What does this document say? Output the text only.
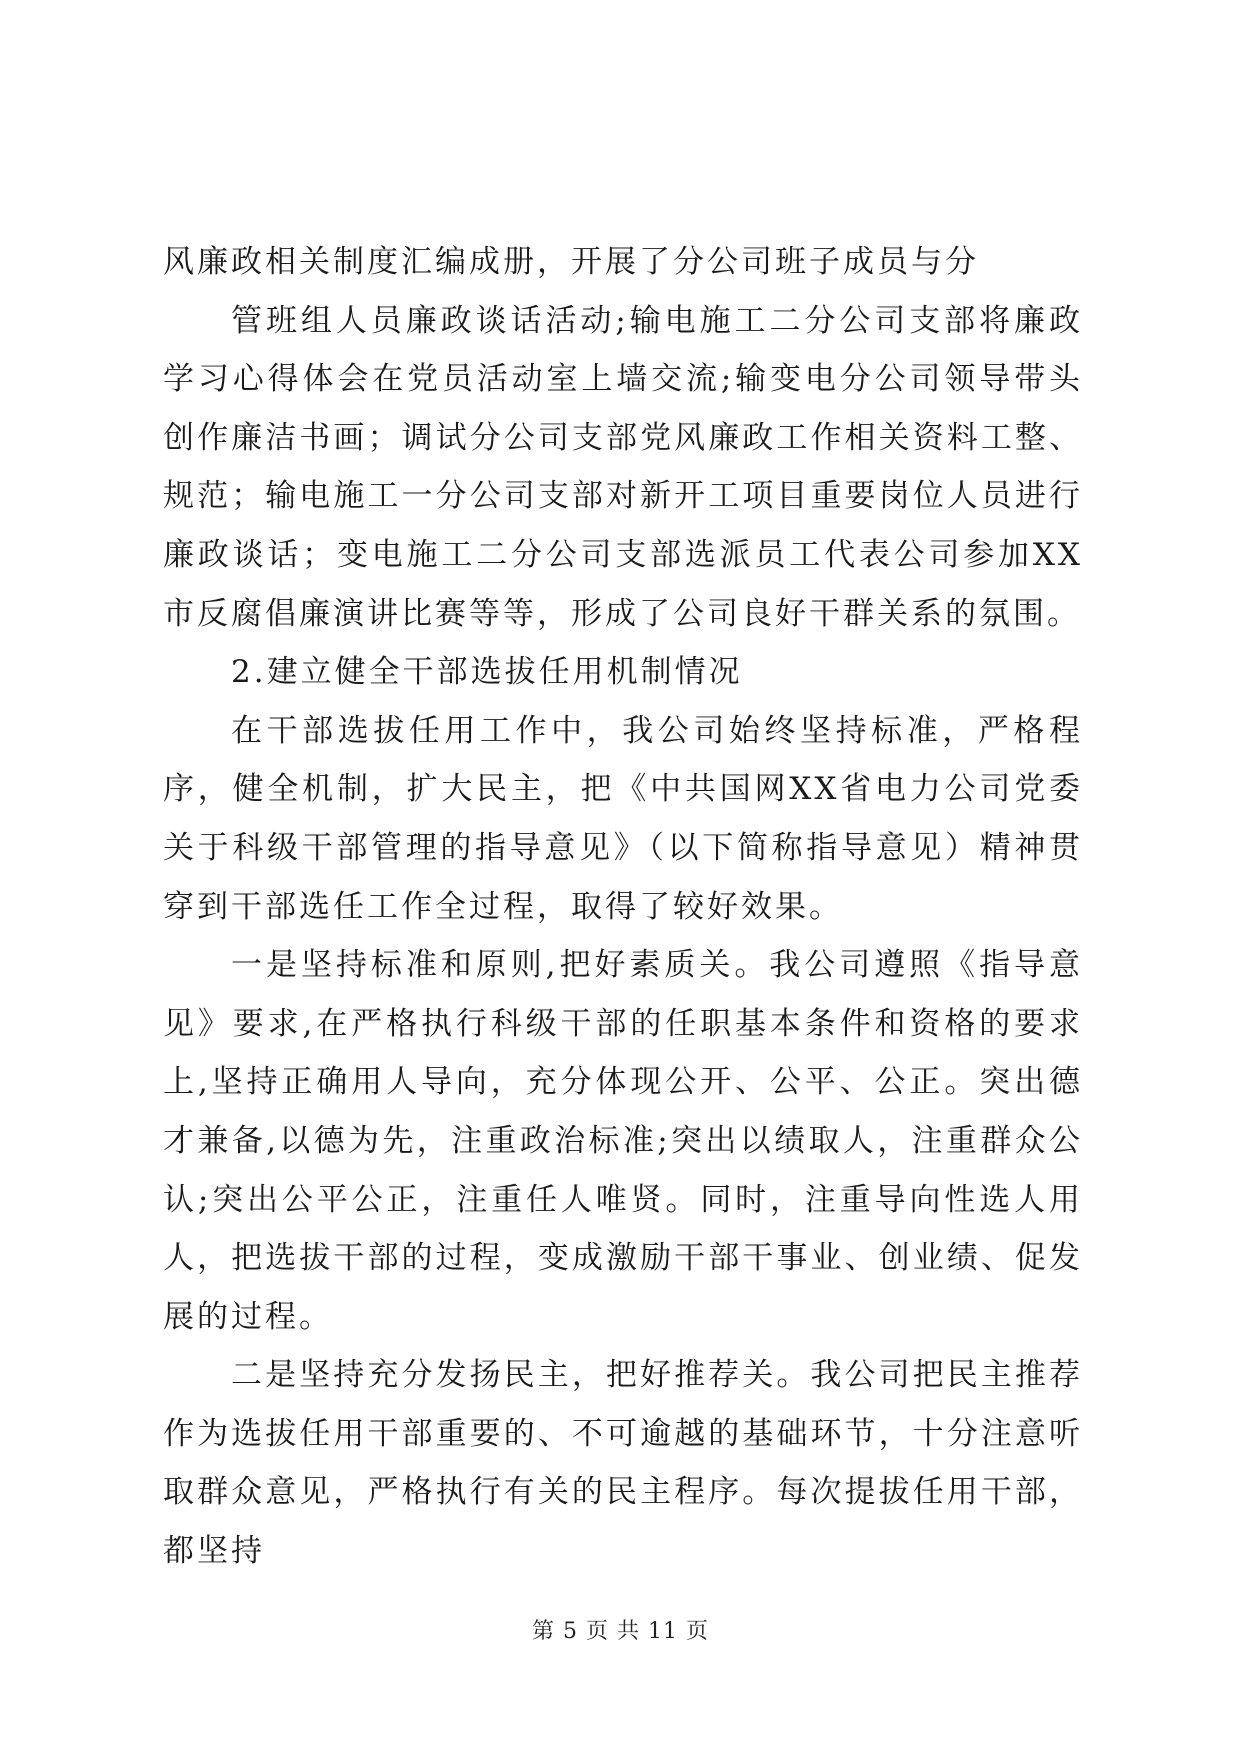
风廉政相关制度汇编成册，开展了分公司班子成员与分

管班组人员廉政谈话活动;输电施工二分公司支部将廉政学习心得体会在党员活动室上墙交流;输变电分公司领导带头创作廉洁书画；调试分公司支部党风廉政工作相关资料工整、规范；输电施工一分公司支部对新开工项目重要岗位人员进行廉政谈话；变电施工二分公司支部选派员工代表公司参加XX市反腐倡廉演讲比赛等等，形成了公司良好干群关系的氛围。

2.建立健全干部选拔任用机制情况

在干部选拔任用工作中，我公司始终坚持标准，严格程序，健全机制，扩大民主，把《中共国网XX省电力公司党委关于科级干部管理的指导意见》（以下简称指导意见）精神贯穿到干部选任工作全过程，取得了较好效果。

一是坚持标准和原则,把好素质关。我公司遵照《指导意见》要求,在严格执行科级干部的任职基本条件和资格的要求上,坚持正确用人导向，充分体现公开、公平、公正。突出德才兼备,以德为先，注重政治标准;突出以绩取人，注重群众公认;突出公平公正，注重任人唯贤。同时，注重导向性选人用人，把选拔干部的过程，变成激励干部干事业、创业绩、促发展的过程。

二是坚持充分发扬民主，把好推荐关。我公司把民主推荐作为选拔任用干部重要的、不可逾越的基础环节，十分注意听取群众意见，严格执行有关的民主程序。每次提拔任用干部，都坚持

第 5 页 共 11 页
